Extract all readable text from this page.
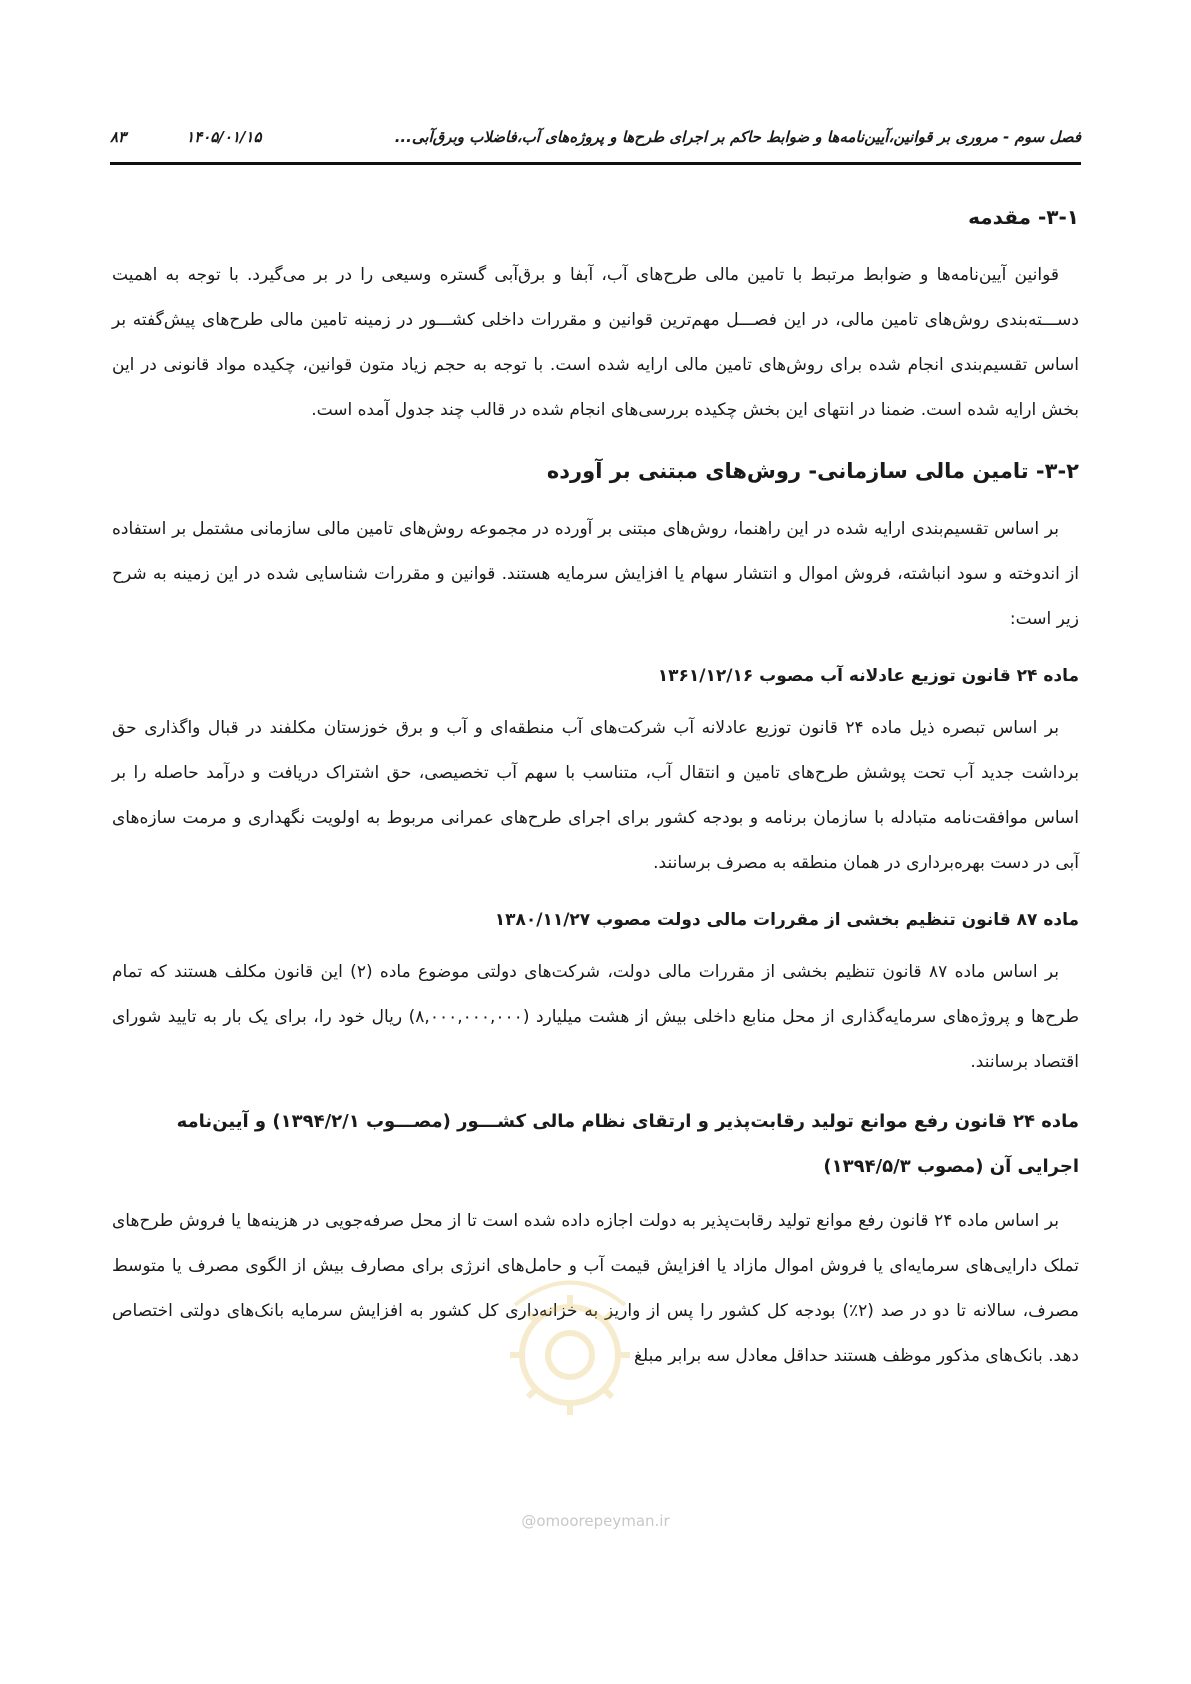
فصل سوم - مروری بر قوانین،آیین‌نامه‌ها و ضوابط حاکم بر اجرای طرح‌ها و پروژه‌های آب،فاضلاب وبرق‌آبی...
۱۴۰۵/۰۱/۱۵
۸۳
۳-۱- مقدمه

قوانین آیین‌نامه‌ها و ضوابط مرتبط با تامین مالی طرح‌های آب، آبفا و برق‌آبی گستره وسیعی را در بر می‌گیرد. با توجه به اهمیت دســـته‌بندی روش‌های تامین مالی، در این فصـــل مهم‌ترین قوانین و مقررات داخلی کشـــور در زمینه تامین مالی طرح‌های پیش‌گفته بر اساس تقسیم‌بندی انجام شده برای روش‌های تامین مالی ارایه شده است. با توجه به حجم زیاد متون قوانین، چکیده مواد قانونی در این بخش ارایه شده است. ضمنا در انتهای این بخش چکیده بررسی‌های انجام شده در قالب چند جدول آمده است.

۳-۲- تامین مالی سازمانی- روش‌های مبتنی بر آورده

بر اساس تقسیم‌بندی ارایه شده در این راهنما، روش‌های مبتنی بر آورده در مجموعه روش‌های تامین مالی سازمانی مشتمل بر استفاده از اندوخته و سود انباشته، فروش اموال و انتشار سهام یا افزایش سرمایه هستند. قوانین و مقررات شناسایی شده در این زمینه به شرح زیر است:

ماده ۲۴ قانون توزیع عادلانه آب مصوب ۱۳۶۱/۱۲/۱۶

بر اساس تبصره ذیل ماده ۲۴ قانون توزیع عادلانه آب شرکت‌های آب منطقه‌ای و آب و برق خوزستان مکلفند در قبال واگذاری حق برداشت جدید آب تحت پوشش طرح‌های تامین و انتقال آب، متناسب با سهم آب تخصیصی، حق اشتراک دریافت و درآمد حاصله را بر اساس موافقت‌نامه متبادله با سازمان برنامه و بودجه کشور برای اجرای طرح‌های عمرانی مربوط به اولویت نگهداری و مرمت سازه‌های آبی در دست بهره‌برداری در همان منطقه به مصرف برسانند.

ماده ۸۷ قانون تنظیم بخشی از مقررات مالی دولت مصوب ۱۳۸۰/۱۱/۲۷

بر اساس ماده ۸۷ قانون تنظیم بخشی از مقررات مالی دولت، شرکت‌های دولتی موضوع ماده (۲) این قانون مکلف هستند که تمام طرح‌ها و پروژه‌های سرمایه‌گذاری از محل منابع داخلی بیش از هشت میلیارد (۸,۰۰۰,۰۰۰,۰۰۰) ریال خود را، برای یک بار به تایید شورای اقتصاد برسانند.

ماده ۲۴ قانون رفع موانع تولید رقابت‌پذیر و ارتقای نظام مالی کشـــور (مصـــوب ۱۳۹۴/۲/۱) و آیین‌نامه اجرایی آن (مصوب ۱۳۹۴/۵/۳)

بر اساس ماده ۲۴ قانون رفع موانع تولید رقابت‌پذیر به دولت اجازه داده شده است تا از محل صرفه‌جویی در هزینه‌ها یا فروش طرح‌های تملک دارایی‌های سرمایه‌ای یا فروش اموال مازاد یا افزایش قیمت آب و حامل‌های انرژی برای مصارف بیش از الگوی مصرف یا متوسط مصرف، سالانه تا دو در صد (۲٪) بودجه کل کشور را پس از واریز به خزانه‌داری کل کشور به افزایش سرمایه بانک‌های دولتی اختصاص دهد. بانک‌های مذکور موظف هستند حداقل معادل سه برابر مبلغ

@omoorepeyman.ir
